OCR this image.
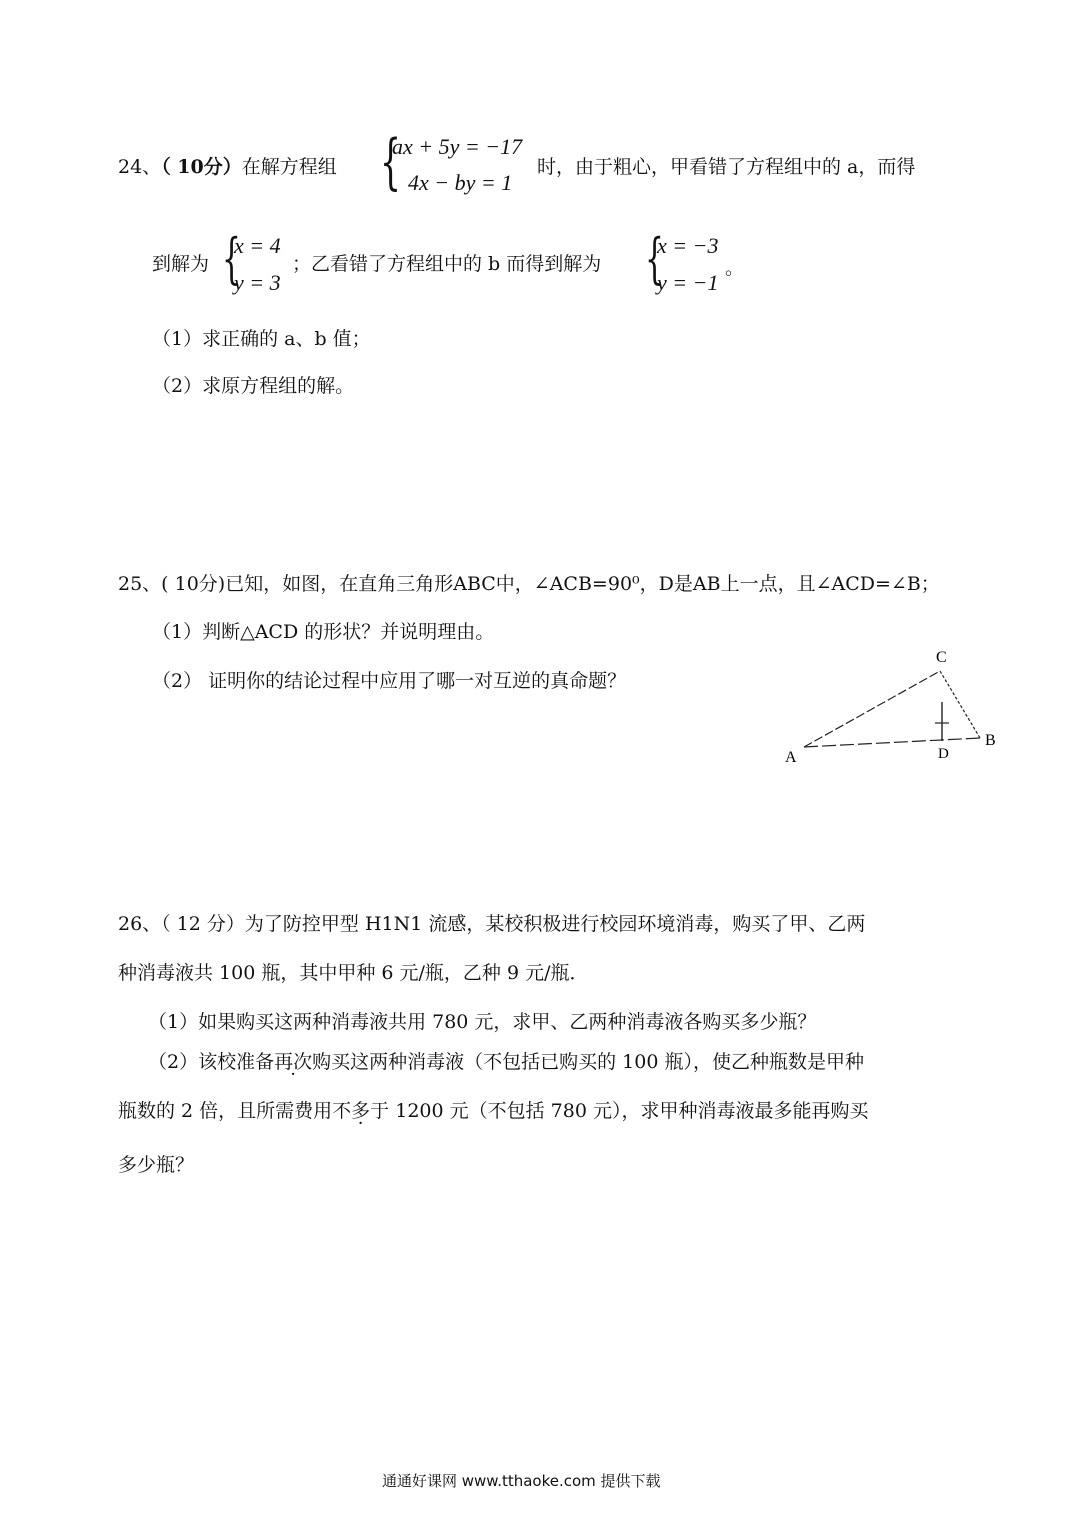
24、（ 10分）在解方程组 {
ax + 5y = −17
4x − by = 1
时，由于粗心，甲看错了方程组中的 a，而得
到解为 {
x = 4
y = 3
；乙看错了方程组中的 b 而得到解为 {
x = −3
y = −1
。
（1）求正确的 a、b 值；
（2）求原方程组的解。
25、( 10分)已知，如图，在直角三角形ABC中，∠ACB=90⁰，D是AB上一点，且∠ACD=∠B；
（1）判断△ACD 的形状？并说明理由。
（2） 证明你的结论过程中应用了哪一对互逆的真命题？
C
B
A	D
26、（ 12 分）为了防控甲型 H1N1 流感，某校积极进行校园环境消毒，购买了甲、乙两
种消毒液共 100 瓶，其中甲种 6 元/瓶，乙种 9 元/瓶．
（1）如果购买这两种消毒液共用 780 元，求甲、乙两种消毒液各购买多少瓶？
（2）该校准备再次购买这两种消毒液（不包括已购买的 100 瓶），使乙种瓶数是甲种
瓶数的 2 倍，且所需费用不多于 1200 元（不包括 780 元），求甲种消毒液最多能再购买
多少瓶？
通通好课网 www.tthaoke.com 提供下载
